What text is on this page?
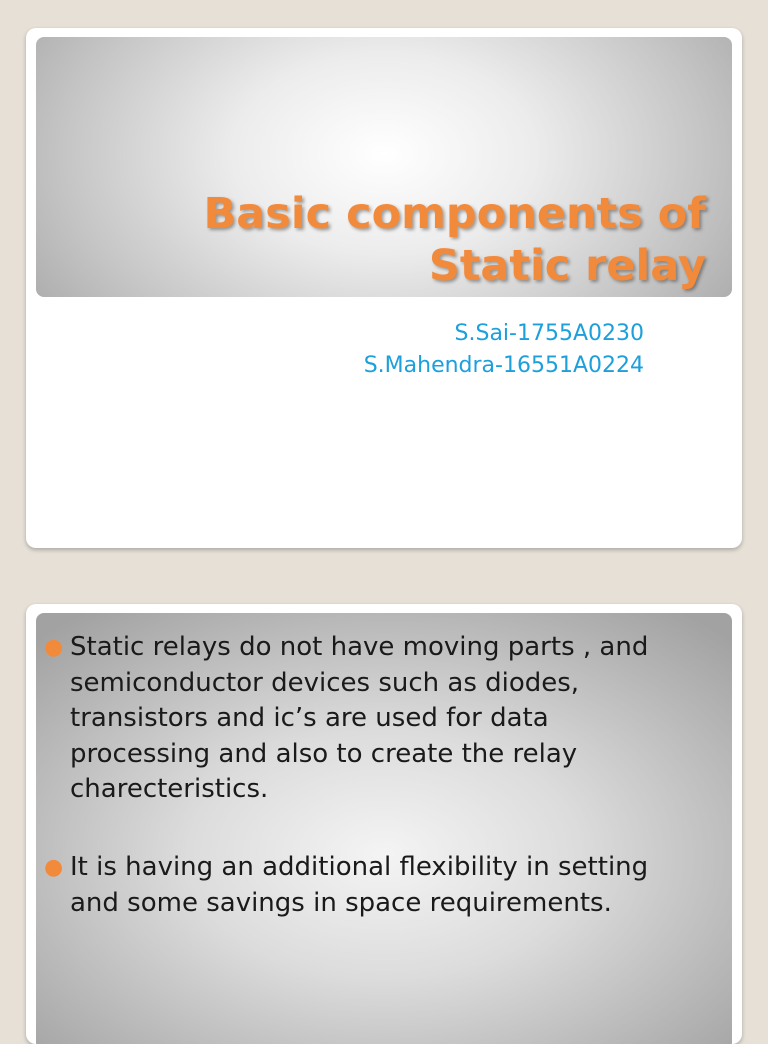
Basic components of
Static relay
S.Sai-1755A0230
S.Mahendra-16551A0224
● Static relays do not have moving parts , and semiconductor devices such as diodes, transistors and ic’s are used for data processing and also to create the relay charecteristics.
● It is having an additional flexibility in setting and some savings in space requirements.
